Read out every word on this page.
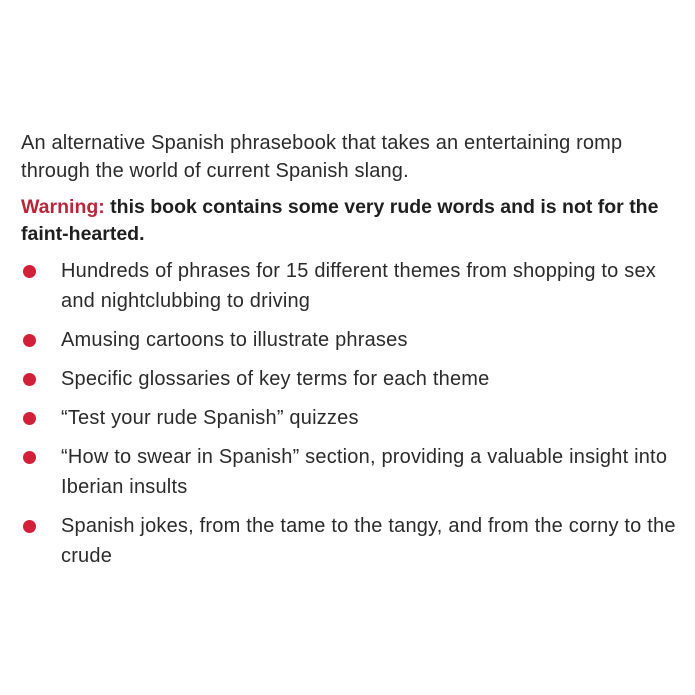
An alternative Spanish phrasebook that takes an entertaining romp through the world of current Spanish slang.

Warning: this book contains some very rude words and is not for the faint-hearted.

Hundreds of phrases for 15 different themes from shopping to sex and nightclubbing to driving
Amusing cartoons to illustrate phrases
Specific glossaries of key terms for each theme
“Test your rude Spanish” quizzes
“How to swear in Spanish” section, providing a valuable insight into Iberian insults
Spanish jokes, from the tame to the tangy, and from the corny to the crude
